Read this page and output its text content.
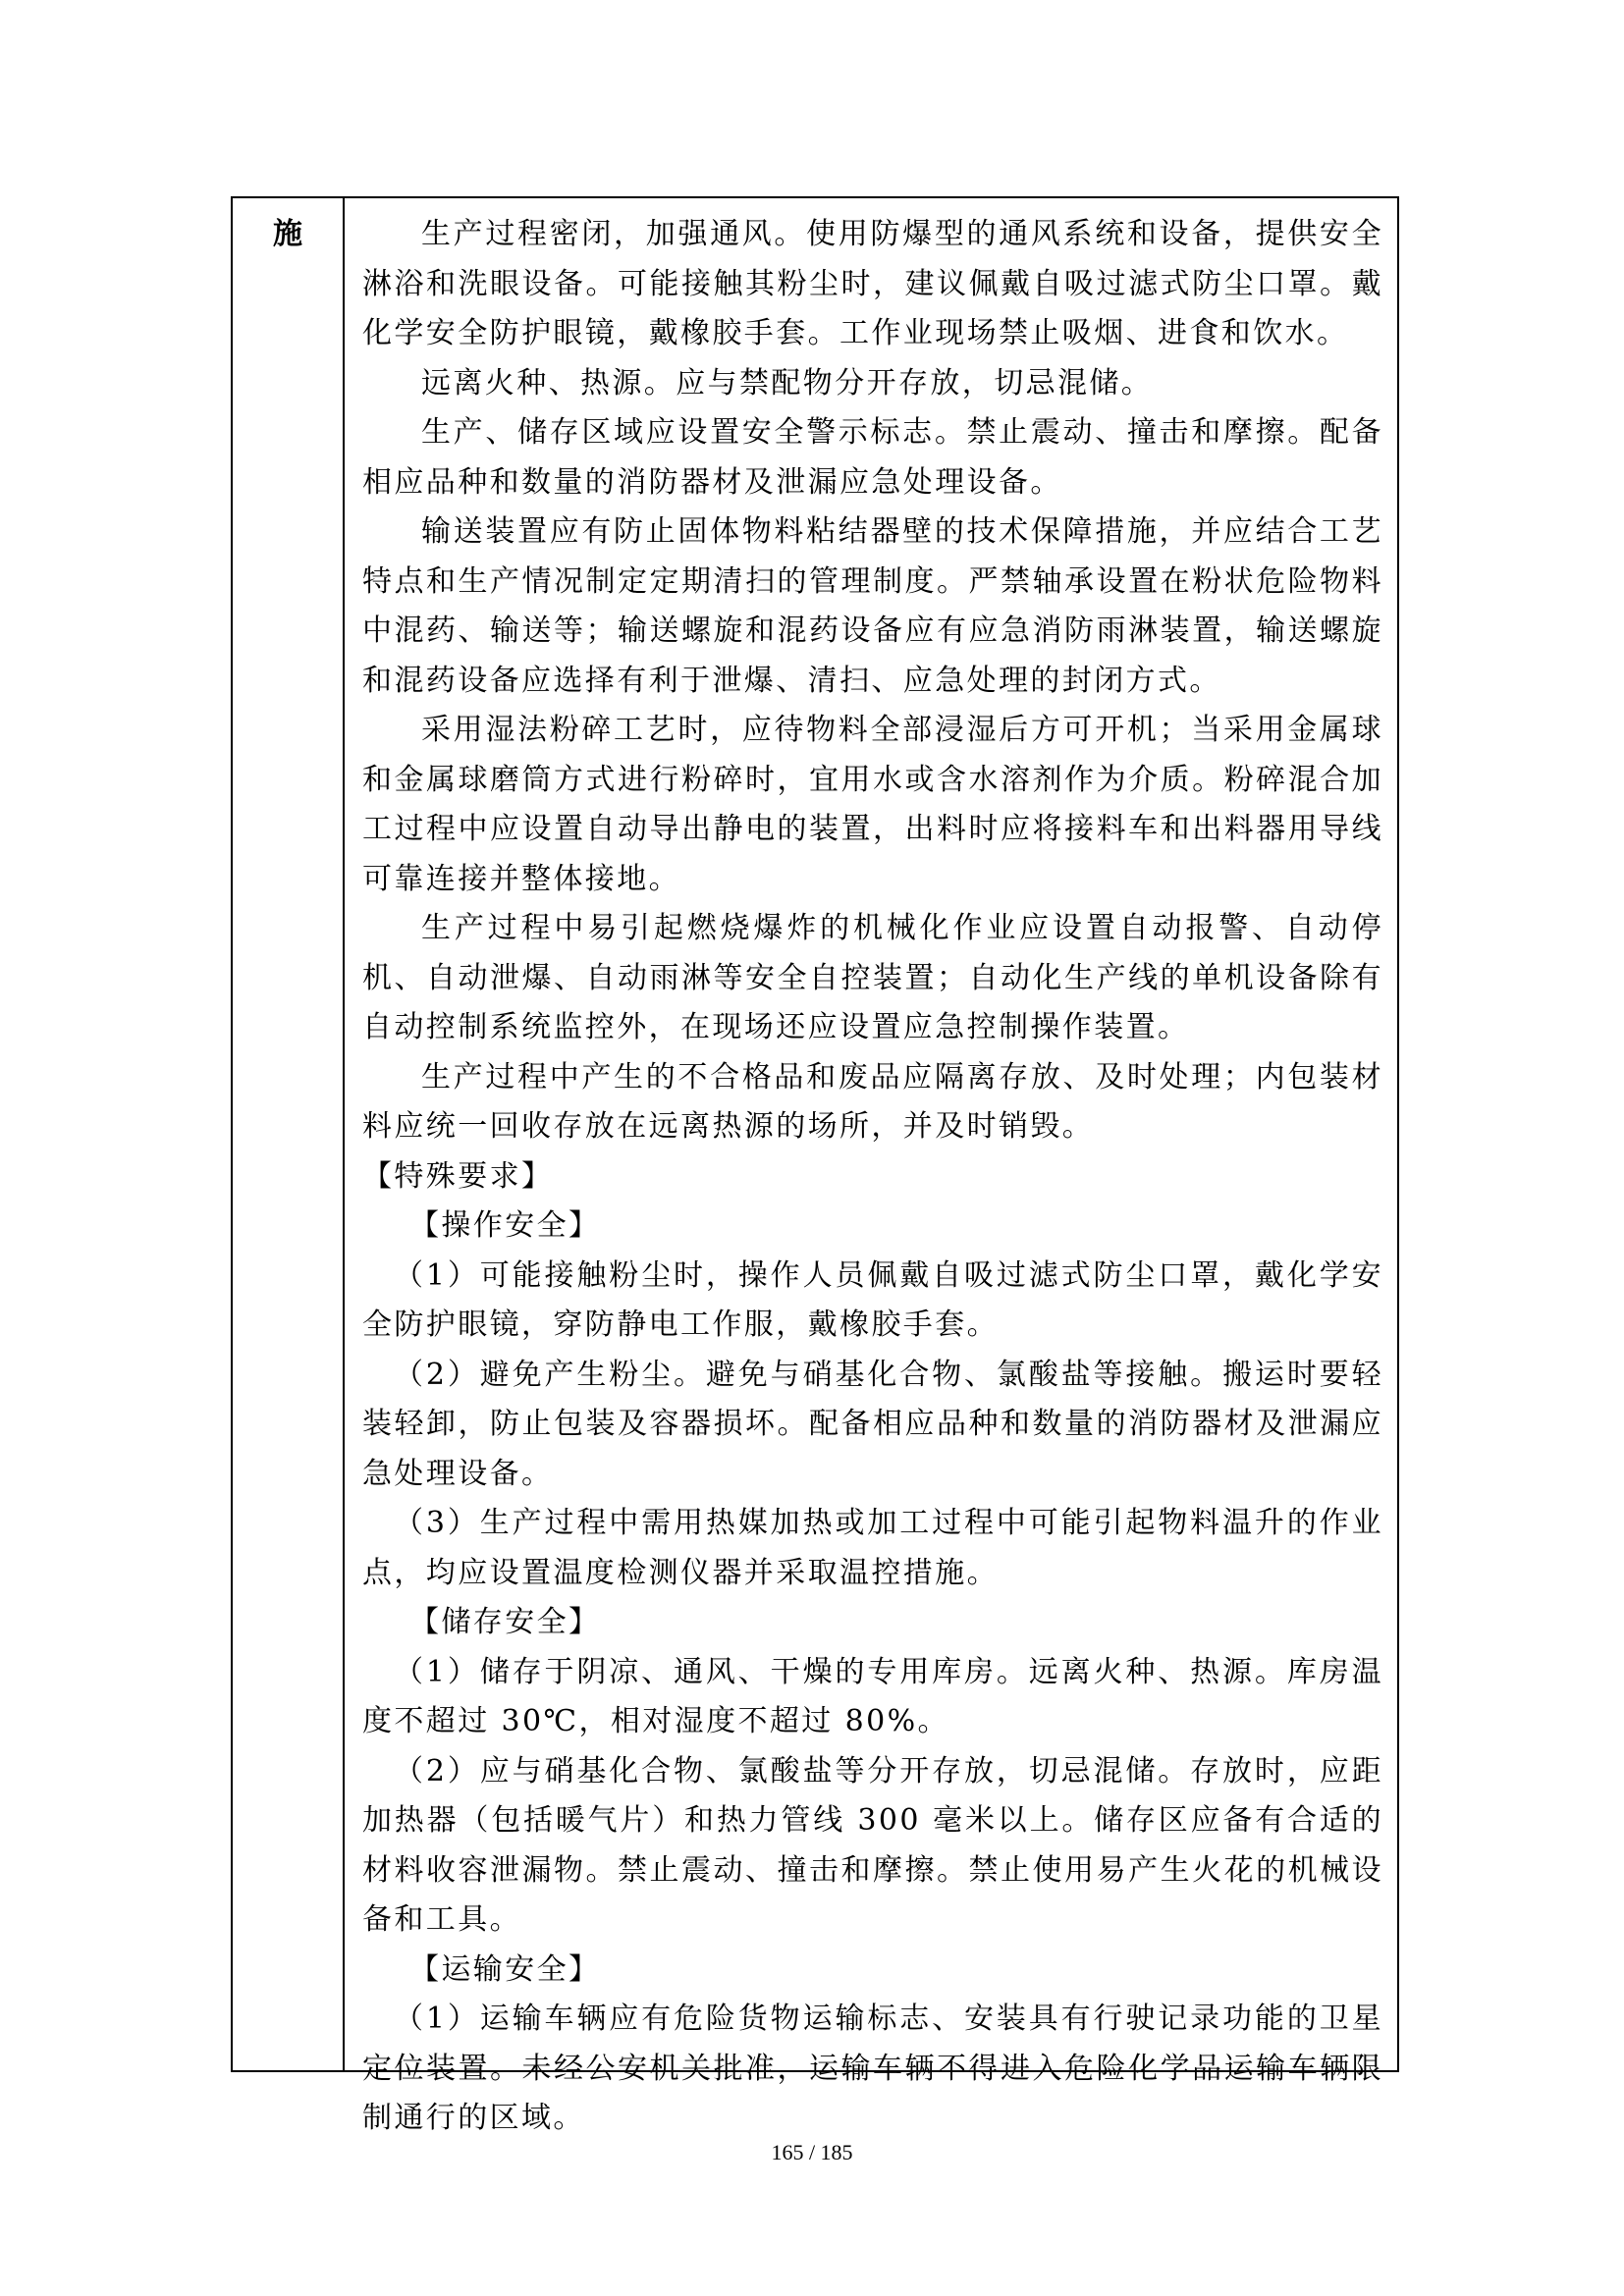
施	生产过程密闭，加强通风。使用防爆型的通风系统和设备，提供安全淋浴和洗眼设备。可能接触其粉尘时，建议佩戴自吸过滤式防尘口罩。戴化学安全防护眼镜，戴橡胶手套。工作业现场禁止吸烟、进食和饮水。

远离火种、热源。应与禁配物分开存放，切忌混储。

生产、储存区域应设置安全警示标志。禁止震动、撞击和摩擦。配备相应品种和数量的消防器材及泄漏应急处理设备。

输送装置应有防止固体物料粘结器壁的技术保障措施，并应结合工艺特点和生产情况制定定期清扫的管理制度。严禁轴承设置在粉状危险物料中混药、输送等；输送螺旋和混药设备应有应急消防雨淋装置，输送螺旋和混药设备应选择有利于泄爆、清扫、应急处理的封闭方式。

采用湿法粉碎工艺时，应待物料全部浸湿后方可开机；当采用金属球和金属球磨筒方式进行粉碎时，宜用水或含水溶剂作为介质。粉碎混合加工过程中应设置自动导出静电的装置，出料时应将接料车和出料器用导线可靠连接并整体接地。

生产过程中易引起燃烧爆炸的机械化作业应设置自动报警、自动停机、自动泄爆、自动雨淋等安全自控装置；自动化生产线的单机设备除有自动控制系统监控外，在现场还应设置应急控制操作装置。

生产过程中产生的不合格品和废品应隔离存放、及时处理；内包装材料应统一回收存放在远离热源的场所，并及时销毁。

【特殊要求】

【操作安全】

（1）可能接触粉尘时，操作人员佩戴自吸过滤式防尘口罩，戴化学安全防护眼镜，穿防静电工作服，戴橡胶手套。

（2）避免产生粉尘。避免与硝基化合物、氯酸盐等接触。搬运时要轻装轻卸，防止包装及容器损坏。配备相应品种和数量的消防器材及泄漏应急处理设备。

（3）生产过程中需用热媒加热或加工过程中可能引起物料温升的作业点，均应设置温度检测仪器并采取温控措施。

【储存安全】

（1）储存于阴凉、通风、干燥的专用库房。远离火种、热源。库房温度不超过 30℃，相对湿度不超过 80%。

（2）应与硝基化合物、氯酸盐等分开存放，切忌混储。存放时，应距加热器（包括暖气片）和热力管线 300 毫米以上。储存区应备有合适的材料收容泄漏物。禁止震动、撞击和摩擦。禁止使用易产生火花的机械设备和工具。

【运输安全】

（1）运输车辆应有危险货物运输标志、安装具有行驶记录功能的卫星定位装置。未经公安机关批准，运输车辆不得进入危险化学品运输车辆限制通行的区域。

165 / 185
